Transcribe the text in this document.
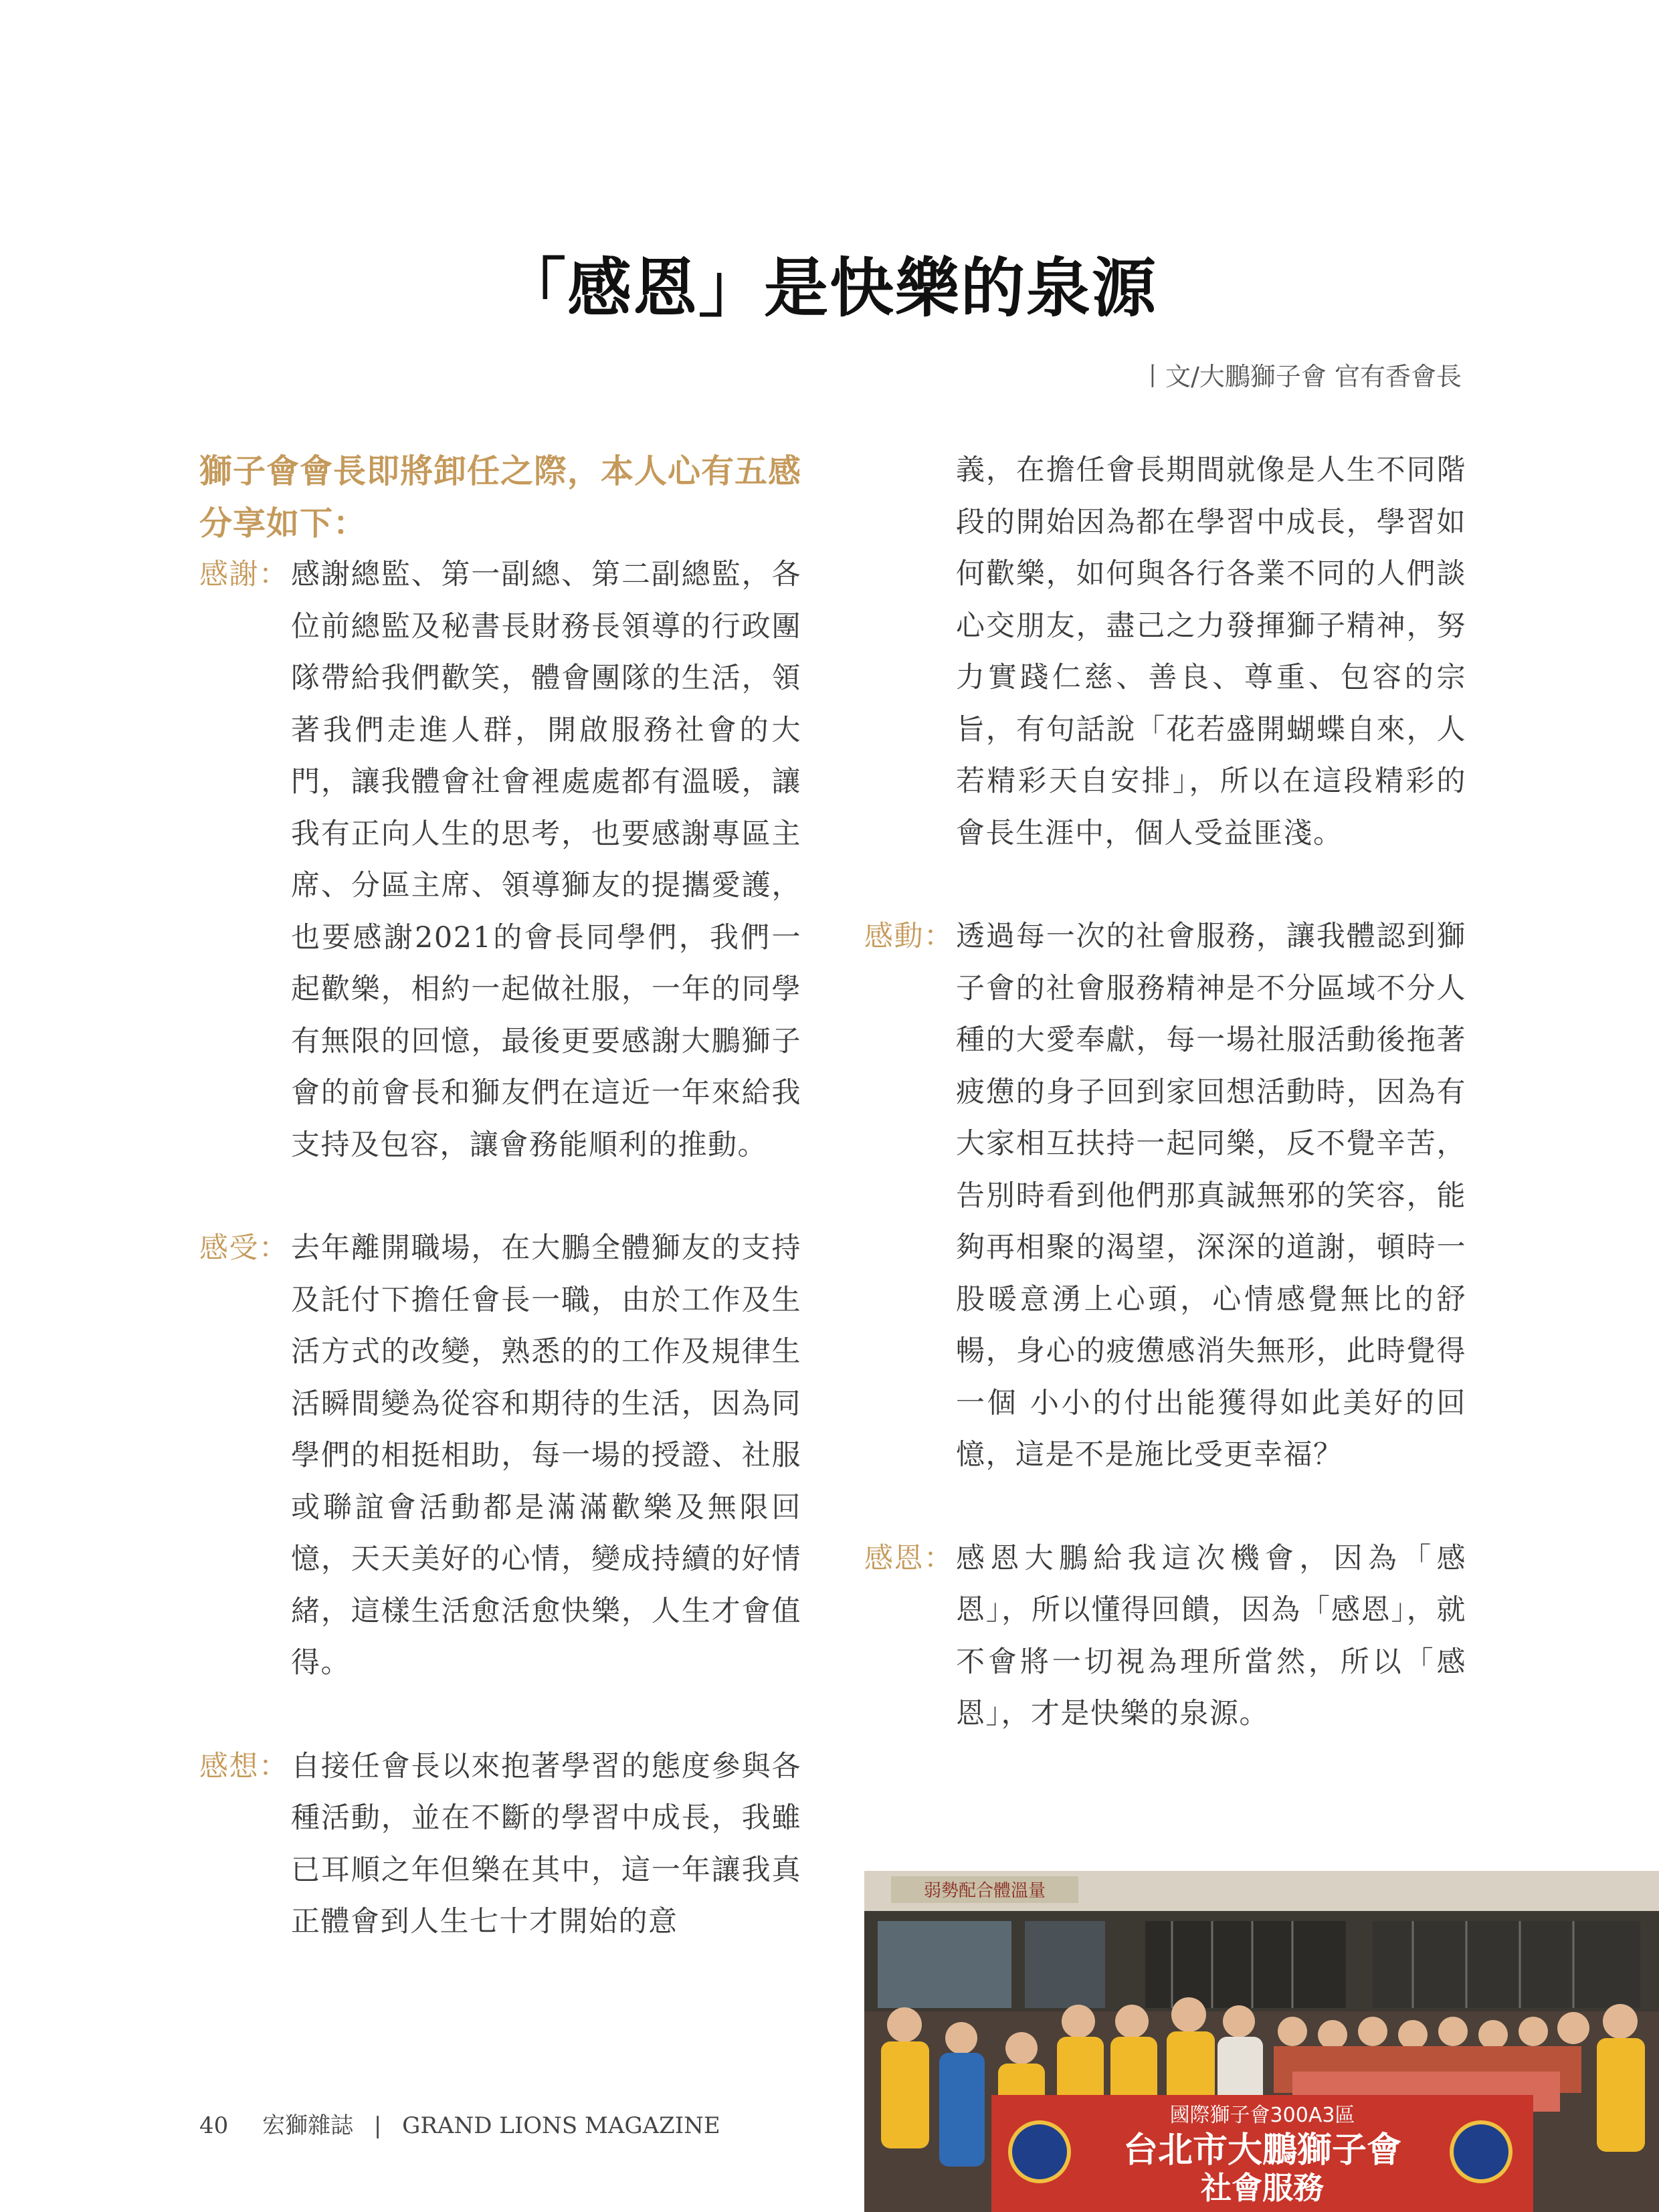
「感恩」是快樂的泉源
丨文/大鵬獅子會 官有香會長

獅子會會長即將卸任之際，本人心有五感分享如下：

感謝： 感謝總監、第一副總、第二副總監，各位前總監及秘書長財務長領導的行政團隊帶給我們歡笑，體會團隊的生活，領著我們走進人群，開啟服務社會的大門，讓我體會社會裡處處都有溫暖，讓我有正向人生的思考，也要感謝專區主席、分區主席、領導獅友的提攜愛護， 也要感謝2021的會長同學們，我們一起歡樂，相約一起做社服，一年的同學有無限的回憶，最後更要感謝大鵬獅子會的前會長和獅友們在這近一年來給我支持及包容，讓會務能順利的推動。
感受： 去年離開職場，在大鵬全體獅友的支持及託付下擔任會長一職，由於工作及生活方式的改變，熟悉的的工作及規律生活瞬間變為從容和期待的生活，因為同學們的相挺相助，每一場的授證、社服或聯誼會活動都是滿滿歡樂及無限回憶，天天美好的心情，變成持續的好情緒，這樣生活愈活愈快樂，人生才會值得。
感想： 自接任會長以來抱著學習的態度參與各種活動，並在不斷的學習中成長，我雖已耳順之年但樂在其中，這一年讓我真正體會到人生七十才開始的意

義，在擔任會長期間就像是人生不同階段的開始因為都在學習中成長，學習如何歡樂，如何與各行各業不同的人們談心交朋友，盡己之力發揮獅子精神，努力實踐仁慈、善良、尊重、包容的宗旨，有句話說「花若盛開蝴蝶自來，人若精彩天自安排」，所以在這段精彩的會長生涯中，個人受益匪淺。

感動： 透過每一次的社會服務，讓我體認到獅子會的社會服務精神是不分區域不分人種的大愛奉獻，每一場社服活動後拖著疲憊的身子回到家回想活動時，因為有大家相互扶持一起同樂，反不覺辛苦，告別時看到他們那真誠無邪的笑容，能夠再相聚的渴望，深深的道謝，頓時一股暖意湧上心頭，心情感覺無比的舒暢，身心的疲憊感消失無形，此時覺得一個 小小的付出能獲得如此美好的回憶，這是不是施比受更幸福？
感恩： 感恩大鵬給我這次機會，因為「感恩」，所以懂得回饋，因為「感恩」，就不會將一切視為理所當然，所以「感恩」，才是快樂的泉源。
弱勢配合體溫量
國際獅子會300A3區
台北市大鵬獅子會
社會服務
40 宏獅雜誌 | GRAND LIONS MAGAZINE
